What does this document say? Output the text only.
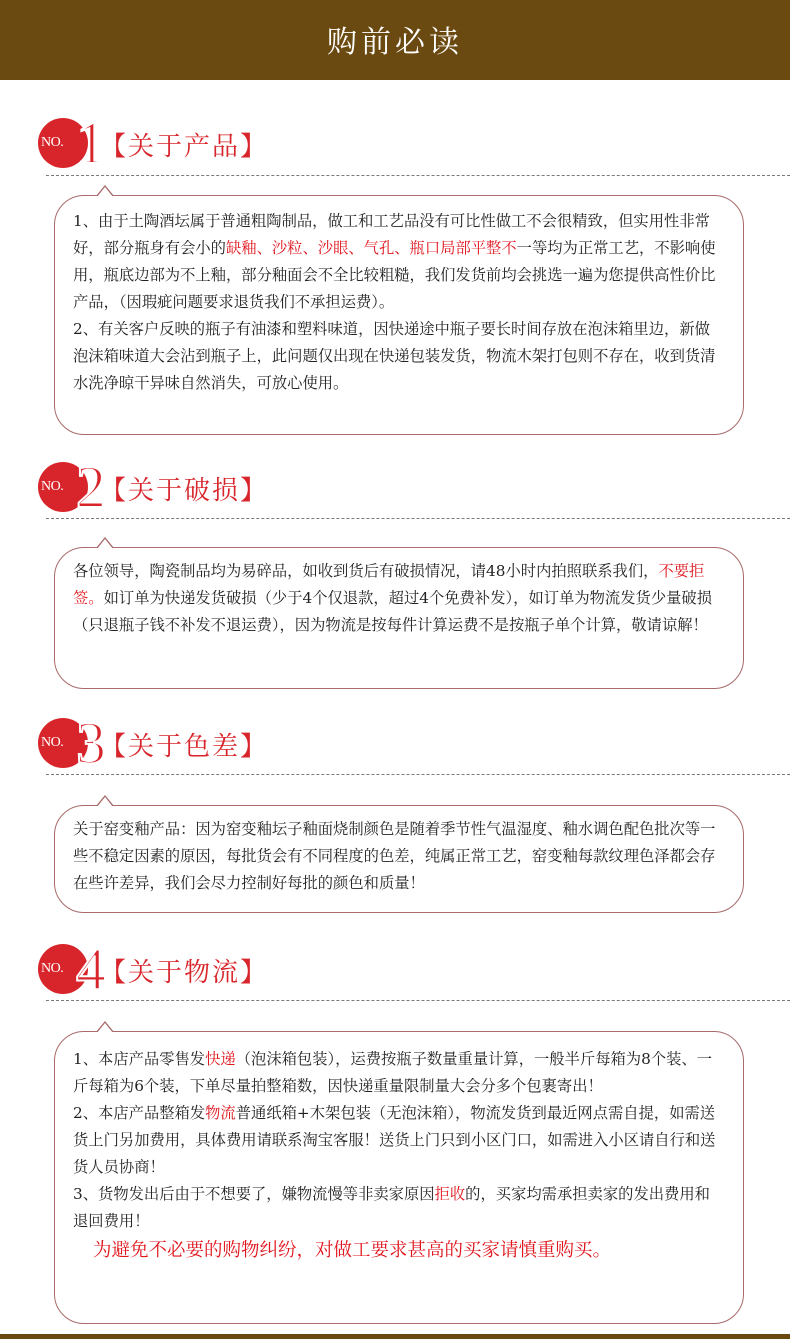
购前必读
NO. 1
【关于产品】
1、由于土陶酒坛属于普通粗陶制品，做工和工艺品没有可比性做工不会很精致，但实用性非常好，部分瓶身有会小的缺釉、沙粒、沙眼、气孔、瓶口局部平整不一等均为正常工艺，不影响使用，瓶底边部为不上釉，部分釉面会不全比较粗糙，我们发货前均会挑选一遍为您提供高性价比产品，（因瑕疵问题要求退货我们不承担运费）。
2、有关客户反映的瓶子有油漆和塑料味道，因快递途中瓶子要长时间存放在泡沫箱里边，新做泡沫箱味道大会沾到瓶子上，此问题仅出现在快递包装发货，物流木架打包则不存在，收到货清水洗净晾干异味自然消失，可放心使用。
NO. 2
【关于破损】
各位领导，陶瓷制品均为易碎品，如收到货后有破损情况，请48小时内拍照联系我们，不要拒签。如订单为快递发货破损（少于4个仅退款，超过4个免费补发），如订单为物流发货少量破损（只退瓶子钱不补发不退运费），因为物流是按每件计算运费不是按瓶子单个计算，敬请谅解！
NO. 3
【关于色差】
关于窑变釉产品：因为窑变釉坛子釉面烧制颜色是随着季节性气温湿度、釉水调色配色批次等一些不稳定因素的原因，每批货会有不同程度的色差，纯属正常工艺，窑变釉每款纹理色泽都会存在些许差异，我们会尽力控制好每批的颜色和质量！
NO. 4
【关于物流】
1、本店产品零售发快递（泡沫箱包装），运费按瓶子数量重量计算，一般半斤每箱为8个装、一斤每箱为6个装，下单尽量拍整箱数，因快递重量限制量大会分多个包裹寄出！
2、本店产品整箱发物流普通纸箱+木架包装（无泡沫箱），物流发货到最近网点需自提，如需送货上门另加费用，具体费用请联系淘宝客服！送货上门只到小区门口，如需进入小区请自行和送货人员协商！
3、货物发出后由于不想要了，嫌物流慢等非卖家原因拒收的，买家均需承担卖家的发出费用和退回费用！
为避免不必要的购物纠纷，对做工要求甚高的买家请慎重购买。
